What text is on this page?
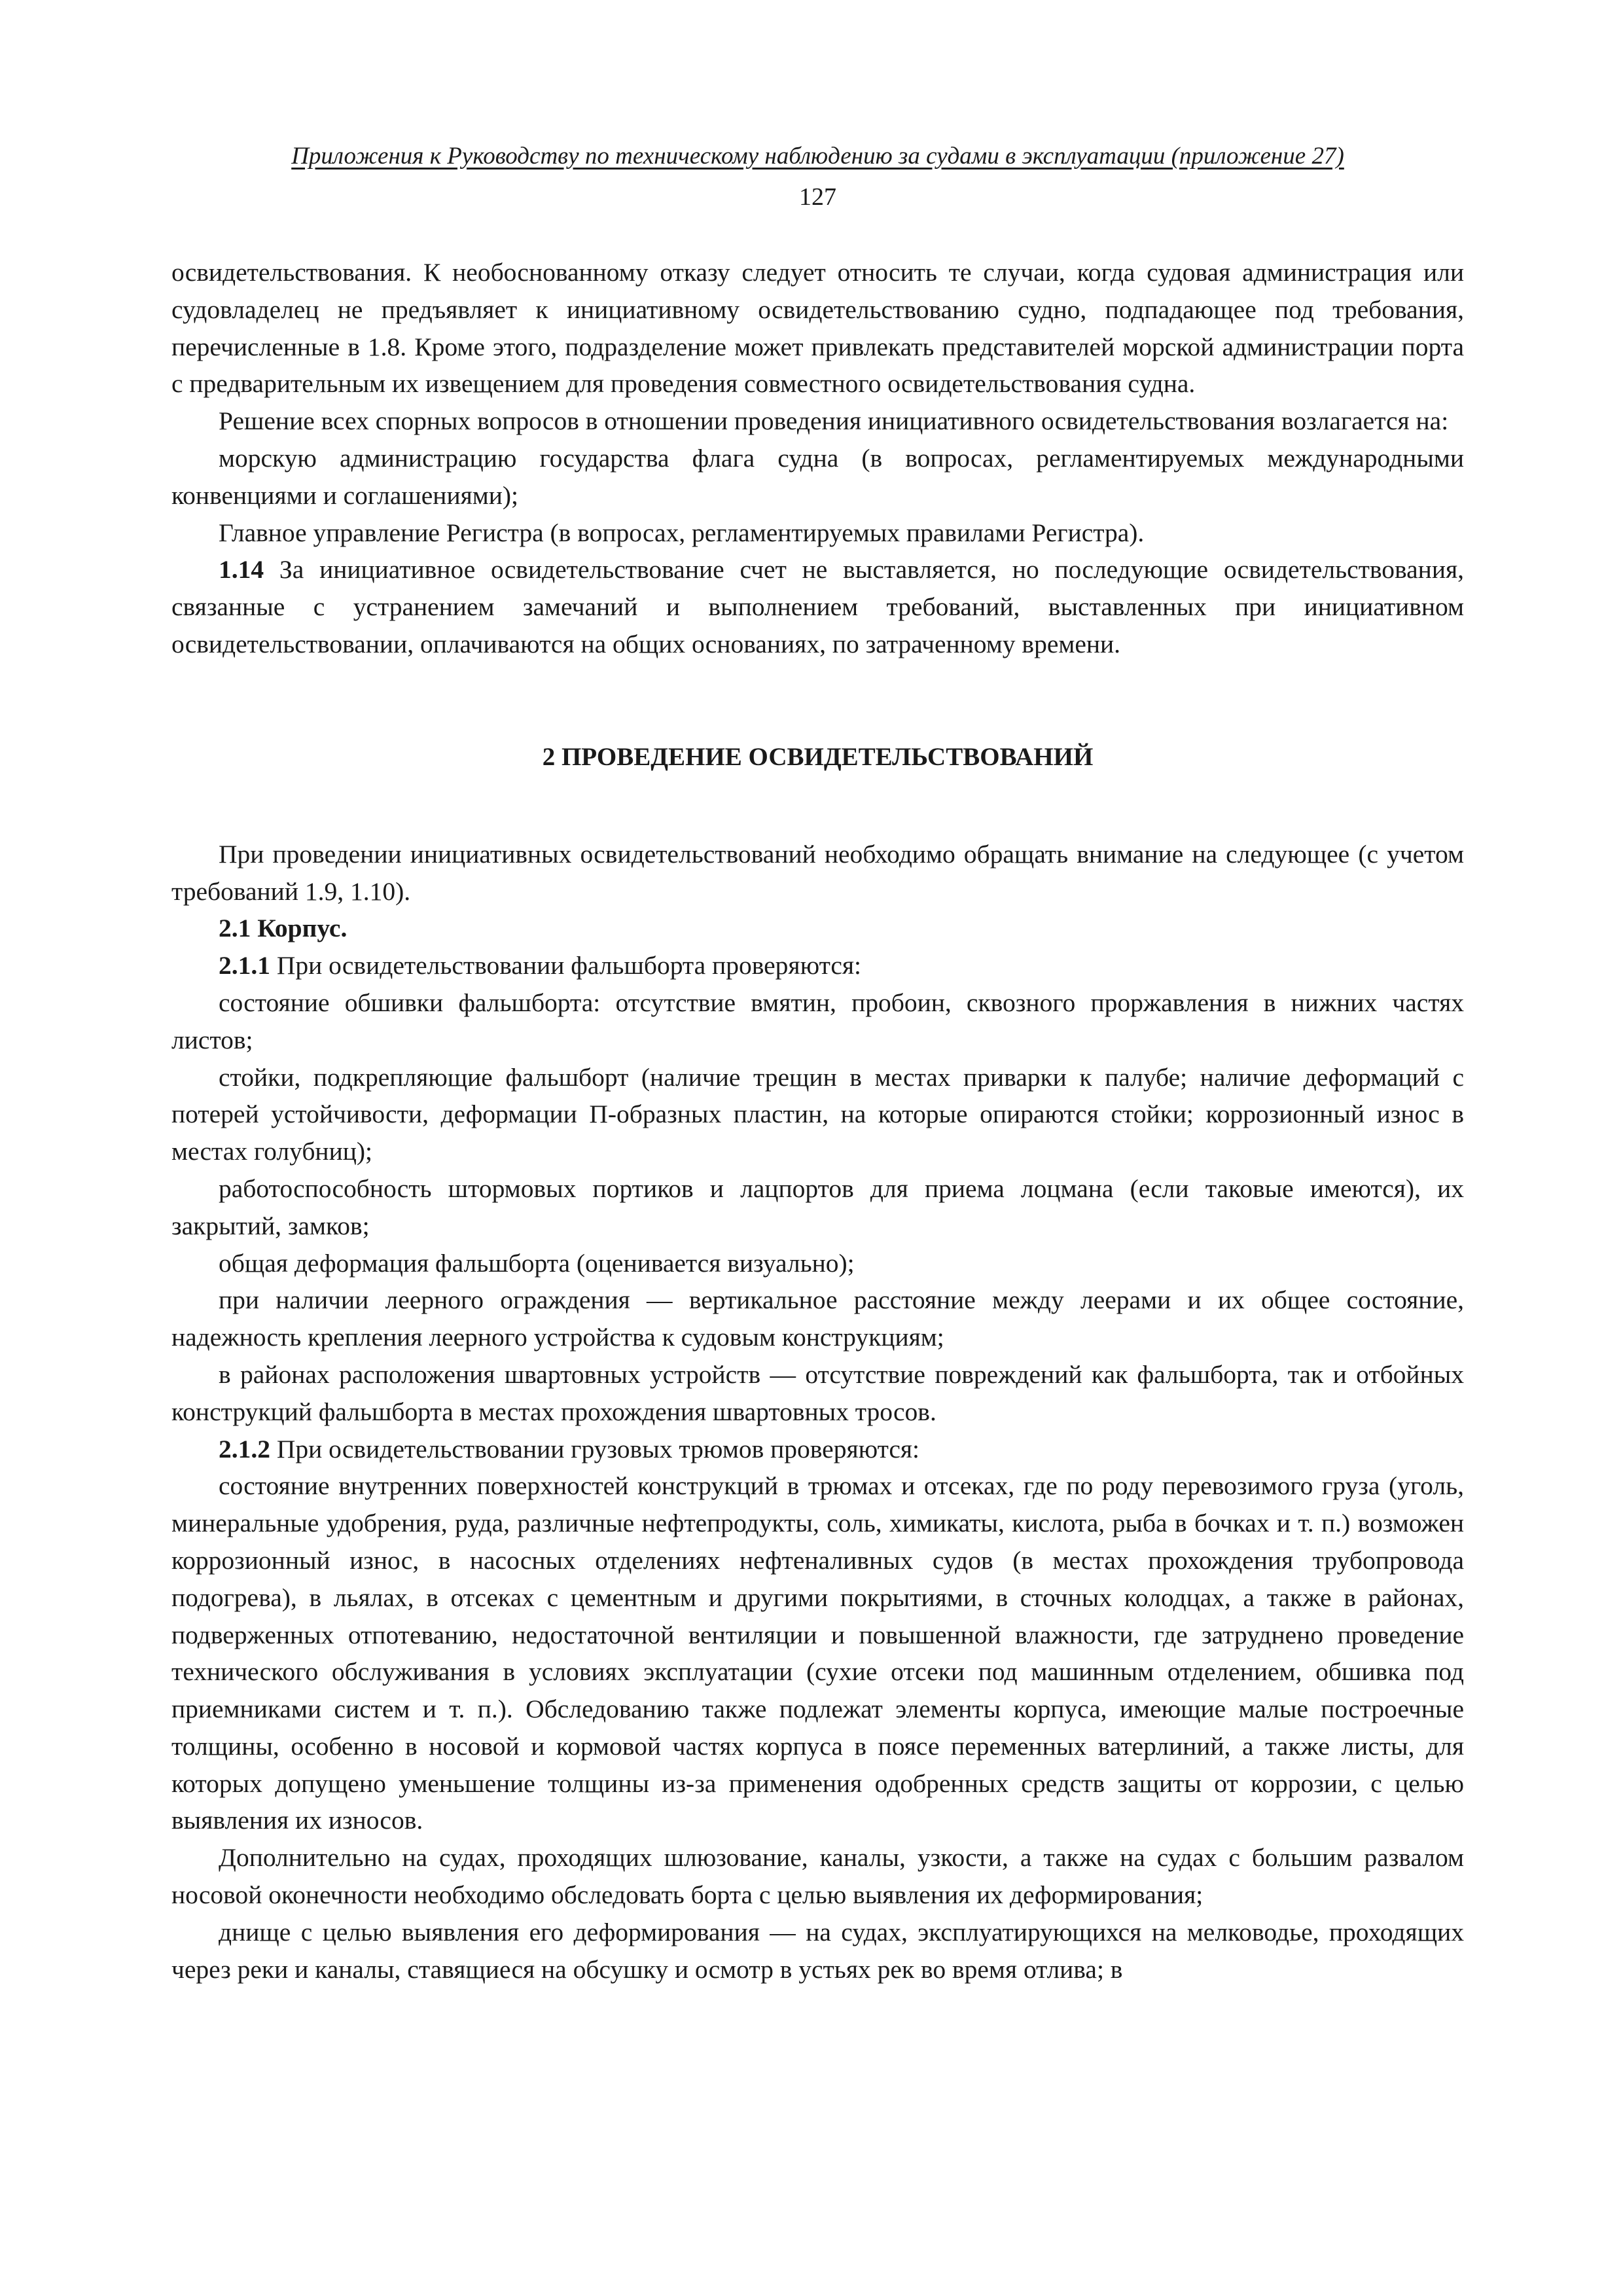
Приложения к Руководству по техническому наблюдению за судами в эксплуатации (приложение 27)
127

освидетельствования. К необоснованному отказу следует относить те случаи, когда судовая администрация или судовладелец не предъявляет к инициативному освидетельствованию судно, подпадающее под требования, перечисленные в 1.8. Кроме этого, подразделение может привлекать представителей морской администрации порта с предварительным их извещением для проведения совместного освидетельствования судна.

Решение всех спорных вопросов в отношении проведения инициативного освидетельствования возлагается на:

морскую администрацию государства флага судна (в вопросах, регламентируемых международными конвенциями и соглашениями);

Главное управление Регистра (в вопросах, регламентируемых правилами Регистра).

1.14 За инициативное освидетельствование счет не выставляется, но последующие освидетельствования, связанные с устранением замечаний и выполнением требований, выставленных при инициативном освидетельствовании, оплачиваются на общих основаниях, по затраченному времени.

2 ПРОВЕДЕНИЕ ОСВИДЕТЕЛЬСТВОВАНИЙ

При проведении инициативных освидетельствований необходимо обращать внимание на следующее (с учетом требований 1.9, 1.10).

2.1 Корпус.

2.1.1 При освидетельствовании фальшборта проверяются:

состояние обшивки фальшборта: отсутствие вмятин, пробоин, сквозного проржавления в нижних частях листов;

стойки, подкрепляющие фальшборт (наличие трещин в местах приварки к палубе; наличие деформаций с потерей устойчивости, деформации П-образных пластин, на которые опираются стойки; коррозионный износ в местах голубниц);

работоспособность штормовых портиков и лацпортов для приема лоцмана (если таковые имеются), их закрытий, замков;

общая деформация фальшборта (оценивается визуально);

при наличии леерного ограждения — вертикальное расстояние между леерами и их общее состояние, надежность крепления леерного устройства к судовым конструкциям;

в районах расположения швартовных устройств — отсутствие повреждений как фальшборта, так и отбойных конструкций фальшборта в местах прохождения швартовных тросов.

2.1.2 При освидетельствовании грузовых трюмов проверяются:

состояние внутренних поверхностей конструкций в трюмах и отсеках, где по роду перевозимого груза (уголь, минеральные удобрения, руда, различные нефтепродукты, соль, химикаты, кислота, рыба в бочках и т. п.) возможен коррозионный износ, в насосных отделениях нефтеналивных судов (в местах прохождения трубопровода подогрева), в льялах, в отсеках с цементным и другими покрытиями, в сточных колодцах, а также в районах, подверженных отпотеванию, недостаточной вентиляции и повышенной влажности, где затруднено проведение технического обслуживания в условиях эксплуатации (сухие отсеки под машинным отделением, обшивка под приемниками систем и т. п.). Обследованию также подлежат элементы корпуса, имеющие малые построечные толщины, особенно в носовой и кормовой частях корпуса в поясе переменных ватерлиний, а также листы, для которых допущено уменьшение толщины из-за применения одобренных средств защиты от коррозии, с целью выявления их износов.

Дополнительно на судах, проходящих шлюзование, каналы, узкости, а также на судах с большим развалом носовой оконечности необходимо обследовать борта с целью выявления их деформирования;

днище с целью выявления его деформирования — на судах, эксплуатирующихся на мелководье, проходящих через реки и каналы, ставящиеся на обсушку и осмотр в устьях рек во время отлива; в
